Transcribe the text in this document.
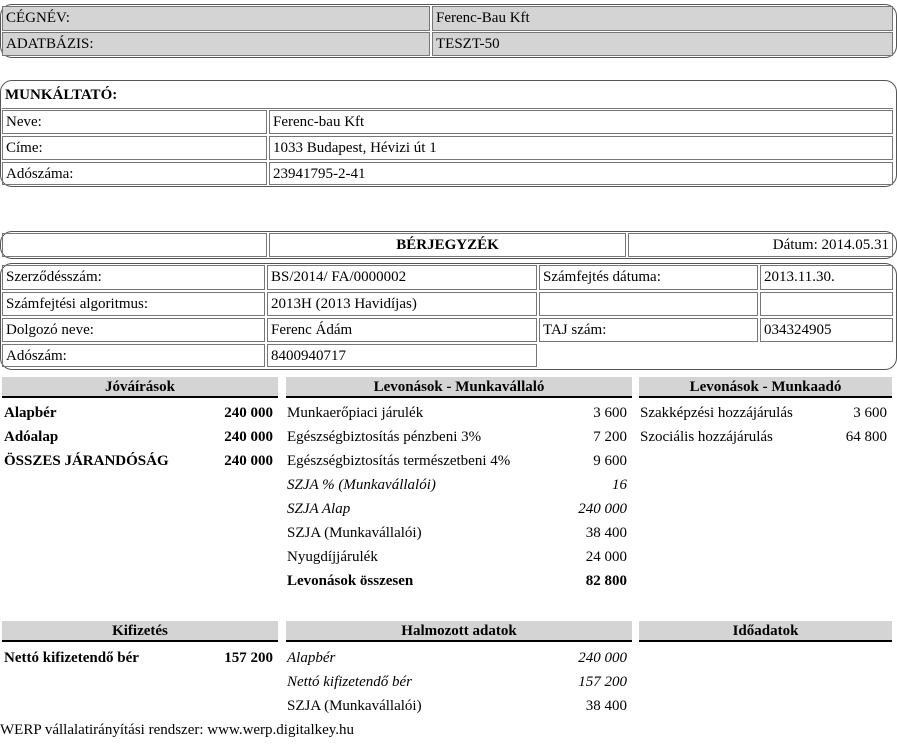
CÉGNÉV:	Ferenc-Bau Kft
ADATBÁZIS:	TESZT-50
MUNKÁLTATÓ:
Neve:	Ferenc-bau Kft
Címe:	1033 Budapest, Hévizi út 1
Adószáma:	23941795-2-41
BÉRJEGYZÉK	Dátum: 2014.05.31
Szerződésszám:	BS/2014/ FA/0000002	Számfejtés dátuma:	2013.11.30.
Számfejtési algoritmus:	2013H (2013 Havidíjas)
Dolgozó neve:	Ferenc Ádám	TAJ szám:	034324905
Adószám:	8400940717
Jóváírások
Alapbér	240 000
Adóalap	240 000
ÖSSZES JÁRANDÓSÁG	240 000
Levonások - Munkavállaló
Munkaerőpiaci járulék	3 600
Egészségbiztosítás pénzbeni 3%	7 200
Egészségbiztosítás természetbeni 4%	9 600
SZJA % (Munkavállalói)	16
SZJA Alap	240 000
SZJA (Munkavállalói)	38 400
Nyugdíjjárulék	24 000
Levonások összesen	82 800
Levonások - Munkaadó
Szakképzési hozzájárulás	3 600
Szociális hozzájárulás	64 800
Kifizetés
Nettó kifizetendő bér	157 200
Halmozott adatok
Alapbér	240 000
Nettó kifizetendő bér	157 200
SZJA (Munkavállalói)	38 400
Időadatok
WERP vállalatirányítási rendszer: www.werp.digitalkey.hu
